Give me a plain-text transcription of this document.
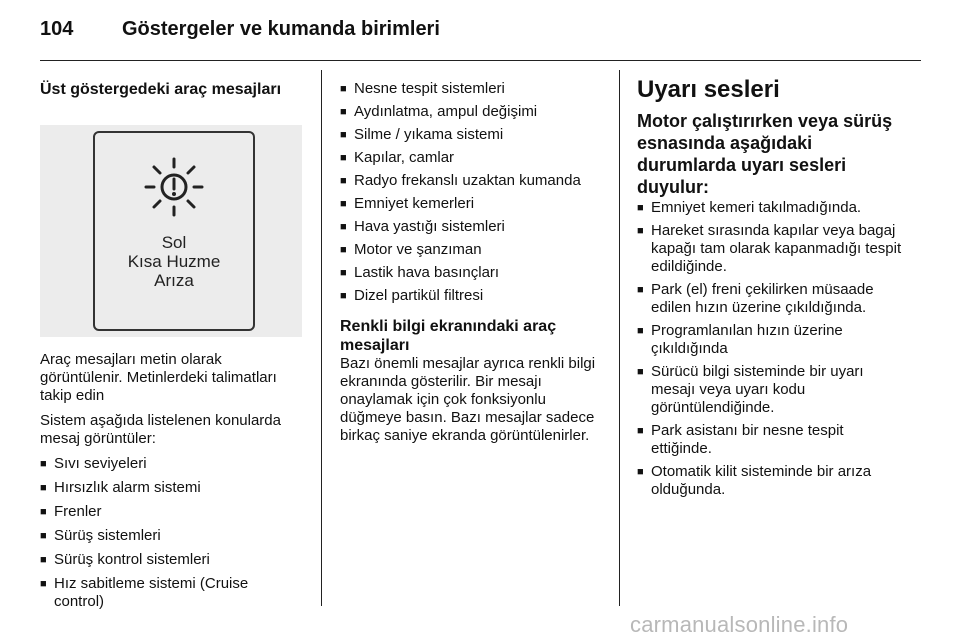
104 Göstergeler ve kumanda birimleri

Üst göstergedeki araç mesajları

Sol
Kısa Huzme
Arıza

Araç mesajları metin olarak görüntülenir. Metinlerdeki talimatları takip edin

Sistem aşağıda listelenen konularda mesaj görüntüler:

■ Sıvı seviyeleri
■ Hırsızlık alarm sistemi
■ Frenler
■ Sürüş sistemleri
■ Sürüş kontrol sistemleri
■ Hız sabitleme sistemi (Cruise control)
■ Nesne tespit sistemleri
■ Aydınlatma, ampul değişimi
■ Silme / yıkama sistemi
■ Kapılar, camlar
■ Radyo frekanslı uzaktan kumanda
■ Emniyet kemerleri
■ Hava yastığı sistemleri
■ Motor ve şanzıman
■ Lastik hava basınçları
■ Dizel partikül filtresi

Renkli bilgi ekranındaki araç mesajları

Bazı önemli mesajlar ayrıca renkli bilgi ekranında gösterilir. Bir mesajı onaylamak için çok fonksiyonlu düğmeye basın. Bazı mesajlar sadece birkaç saniye ekranda görüntülenirler.

Uyarı sesleri

Motor çalıştırırken veya sürüş esnasında aşağıdaki durumlarda uyarı sesleri duyulur:

■ Emniyet kemeri takılmadığında.
■ Hareket sırasında kapılar veya bagaj kapağı tam olarak kapanmadığı tespit edildiğinde.
■ Park (el) freni çekilirken müsaade edilen hızın üzerine çıkıldığında.
■ Programlanılan hızın üzerine çıkıldığında
■ Sürücü bilgi sisteminde bir uyarı mesajı veya uyarı kodu görüntülendiğinde.
■ Park asistanı bir nesne tespit ettiğinde.
■ Otomatik kilit sisteminde bir arıza olduğunda.
carmanualsonline.info
